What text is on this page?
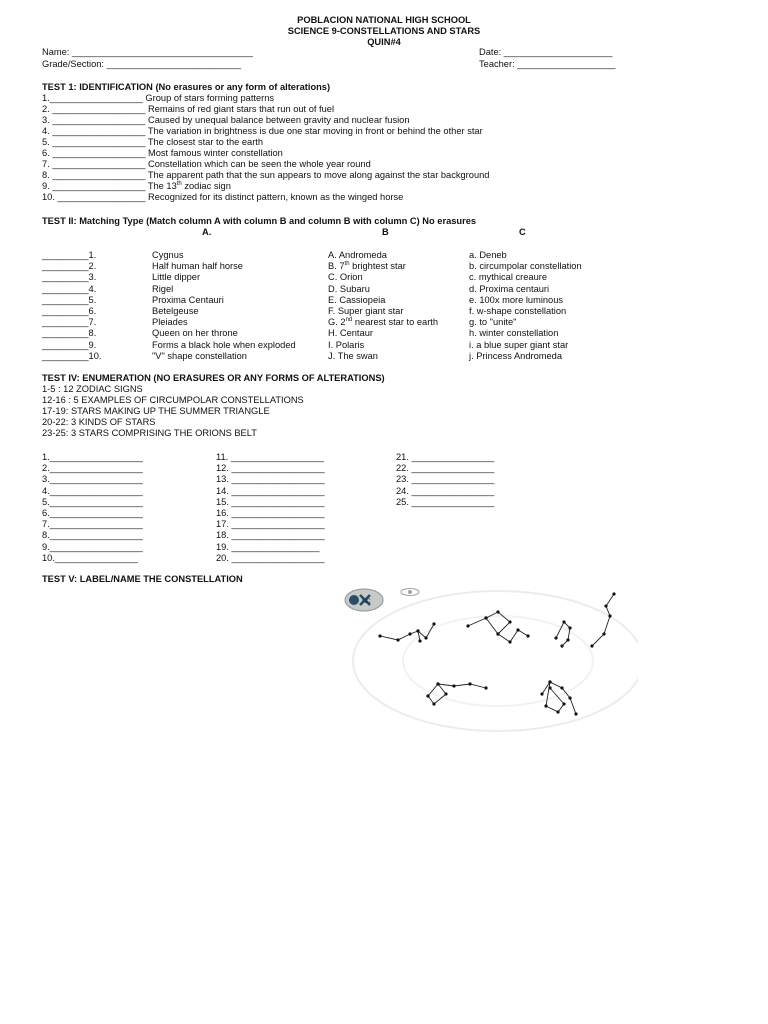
POBLACION NATIONAL HIGH SCHOOL
SCIENCE 9-CONSTELLATIONS AND STARS
QUIN#4
Name: ___________________________________	Date: _____________________
Grade/Section: __________________________	Teacher: ___________________
TEST 1: IDENTIFICATION (No erasures or any form of alterations)
1.__________________ Group of stars forming patterns
2. __________________ Remains of red giant stars that run out of fuel
3. __________________ Caused by unequal balance between gravity and nuclear fusion
4. __________________ The variation in brightness is due one star moving in front or behind the other star
5. __________________ The closest star to the earth
6. __________________ Most famous winter constellation
7. __________________ Constellation which can be seen the whole year round
8. __________________ The apparent path that the sun appears to move along against the star background
9. __________________ The 13th zodiac sign
10. _________________ Recognized for its distinct pattern, known as the winged horse
TEST II: Matching Type (Match column A with column B and column B with column C) No erasures
A.	B	C
_________1.	Cygnus	A. Andromeda	a. Deneb
_________2.	Half human half horse	B. 7th brightest star	b. circumpolar constellation
_________3.	Little dipper	C. Orion	c. mythical creaure
_________4.	Rigel	D. Subaru	d. Proxima centauri
_________5.	Proxima Centauri	E. Cassiopeia	e. 100x more luminous
_________6.	Betelgeuse	F. Super giant star	f. w-shape constellation
_________7.	Pleiades	G. 2nd nearest star to earth	g. to "unite"
_________8.	Queen on her throne	H. Centaur	h. winter constellation
_________9.	Forms a black hole when exploded	I. Polaris	i. a blue super giant star
_________10.	"V" shape constellation	J. The swan	j. Princess Andromeda
TEST IV: ENUMERATION (NO ERASURES OR ANY FORMS OF ALTERATIONS)
1-5 : 12 ZODIAC SIGNS
12-16 : 5 EXAMPLES OF CIRCUMPOLAR CONSTELLATIONS
17-19: STARS MAKING UP THE SUMMER TRIANGLE
20-22: 3 KINDS OF STARS
23-25: 3 STARS COMPRISING THE ORIONS BELT
1.__________________
2.__________________
3.__________________
4.__________________
5.__________________
6.__________________
7.__________________
8.__________________
9.__________________
10.________________
11. __________________
12. __________________
13. __________________
14. __________________
15. __________________
16. __________________
17. __________________
18. __________________
19. _________________
20. __________________
21. ________________
22. ________________
23. ________________
24. ________________
25. ________________
TEST V: LABEL/NAME THE CONSTELLATION
NC
